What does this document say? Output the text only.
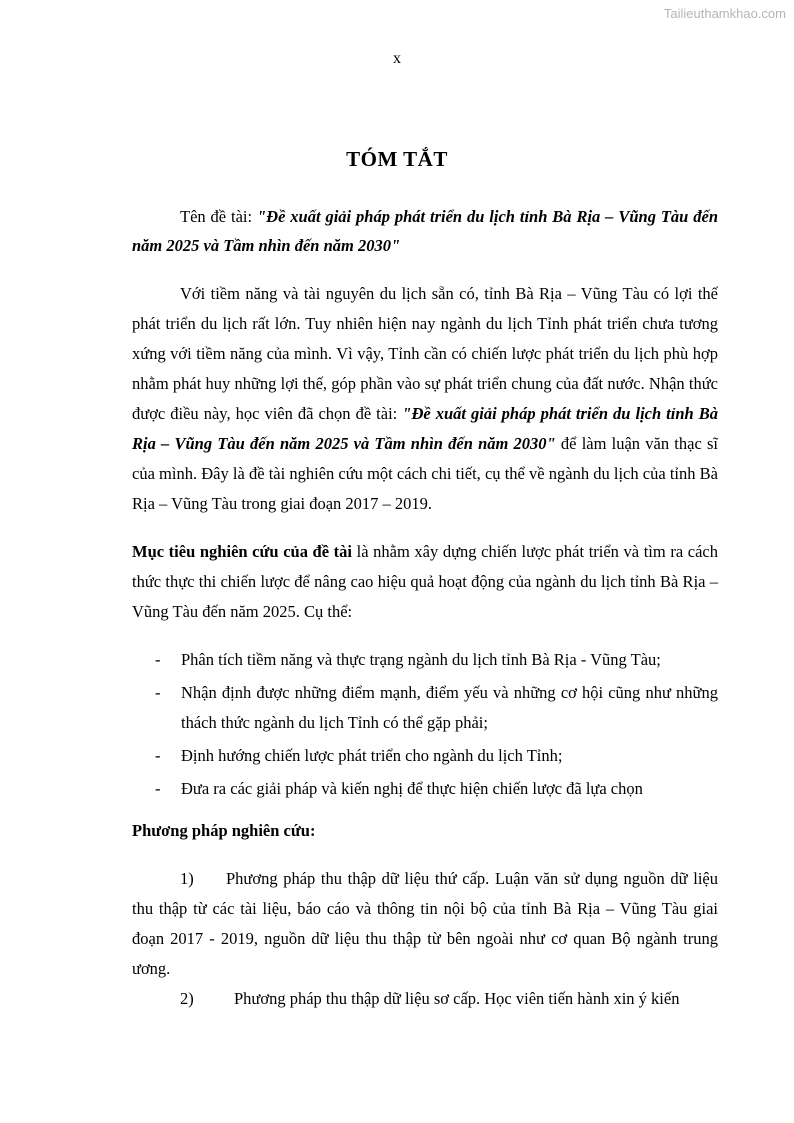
Tailieuthamkhao.com
x
TÓM TẮT

Tên đề tài: "Đề xuất giải pháp phát triển du lịch tỉnh Bà Rịa – Vũng Tàu đến năm 2025 và Tầm nhìn đến năm 2030"

Với tiềm năng và tài nguyên du lịch sẵn có, tỉnh Bà Rịa – Vũng Tàu có lợi thế phát triển du lịch rất lớn. Tuy nhiên hiện nay ngành du lịch Tỉnh phát triển chưa tương xứng với tiềm năng của mình. Vì vậy, Tỉnh cần có chiến lược phát triển du lịch phù hợp nhằm phát huy những lợi thế, góp phần vào sự phát triển chung của đất nước. Nhận thức được điều này, học viên đã chọn đề tài: "Đề xuất giải pháp phát triển du lịch tỉnh Bà Rịa – Vũng Tàu đến năm 2025 và Tầm nhìn đến năm 2030" để làm luận văn thạc sĩ của mình. Đây là đề tài nghiên cứu một cách chi tiết, cụ thể về ngành du lịch của tỉnh Bà Rịa – Vũng Tàu trong giai đoạn 2017 – 2019.

Mục tiêu nghiên cứu của đề tài là nhằm xây dựng chiến lược phát triển và tìm ra cách thức thực thi chiến lược để nâng cao hiệu quả hoạt động của ngành du lịch tỉnh Bà Rịa – Vũng Tàu đến năm 2025. Cụ thể:

- Phân tích tiềm năng và thực trạng ngành du lịch tỉnh Bà Rịa - Vũng Tàu;
- Nhận định được những điểm mạnh, điểm yếu và những cơ hội cũng như những thách thức ngành du lịch Tỉnh có thể gặp phải;
- Định hướng chiến lược phát triển cho ngành du lịch Tỉnh;
- Đưa ra các giải pháp và kiến nghị để thực hiện chiến lược đã lựa chọn
Phương pháp nghiên cứu:

1) Phương pháp thu thập dữ liệu thứ cấp. Luận văn sử dụng nguồn dữ liệu thu thập từ các tài liệu, báo cáo và thông tin nội bộ của tỉnh Bà Rịa – Vũng Tàu giai đoạn 2017 - 2019, nguồn dữ liệu thu thập từ bên ngoài như cơ quan Bộ ngành trung ương.

2) Phương pháp thu thập dữ liệu sơ cấp. Học viên tiến hành xin ý kiến
